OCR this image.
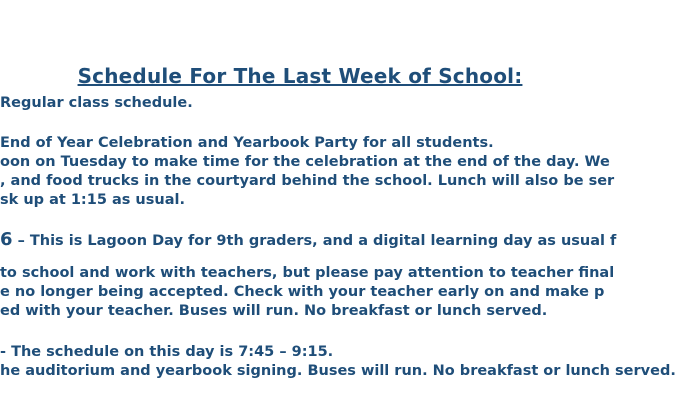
Schedule For The Last Week of School:
Regular class schedule.
End of Year Celebration and Yearbook Party for all students.
oon on Tuesday to make time for the celebration at the end of the day. We
, and food trucks in the courtyard behind the school. Lunch will also be ser
sk up at 1:15 as usual.
6 – This is Lagoon Day for 9th graders, and a digital learning day as usual f
to school and work with teachers, but please pay attention to teacher final
e no longer being accepted. Check with your teacher early on and make p
ed with your teacher. Buses will run. No breakfast or lunch served.
- The schedule on this day is 7:45 – 9:15.
he auditorium and yearbook signing. Buses will run. No breakfast or lunch served.
